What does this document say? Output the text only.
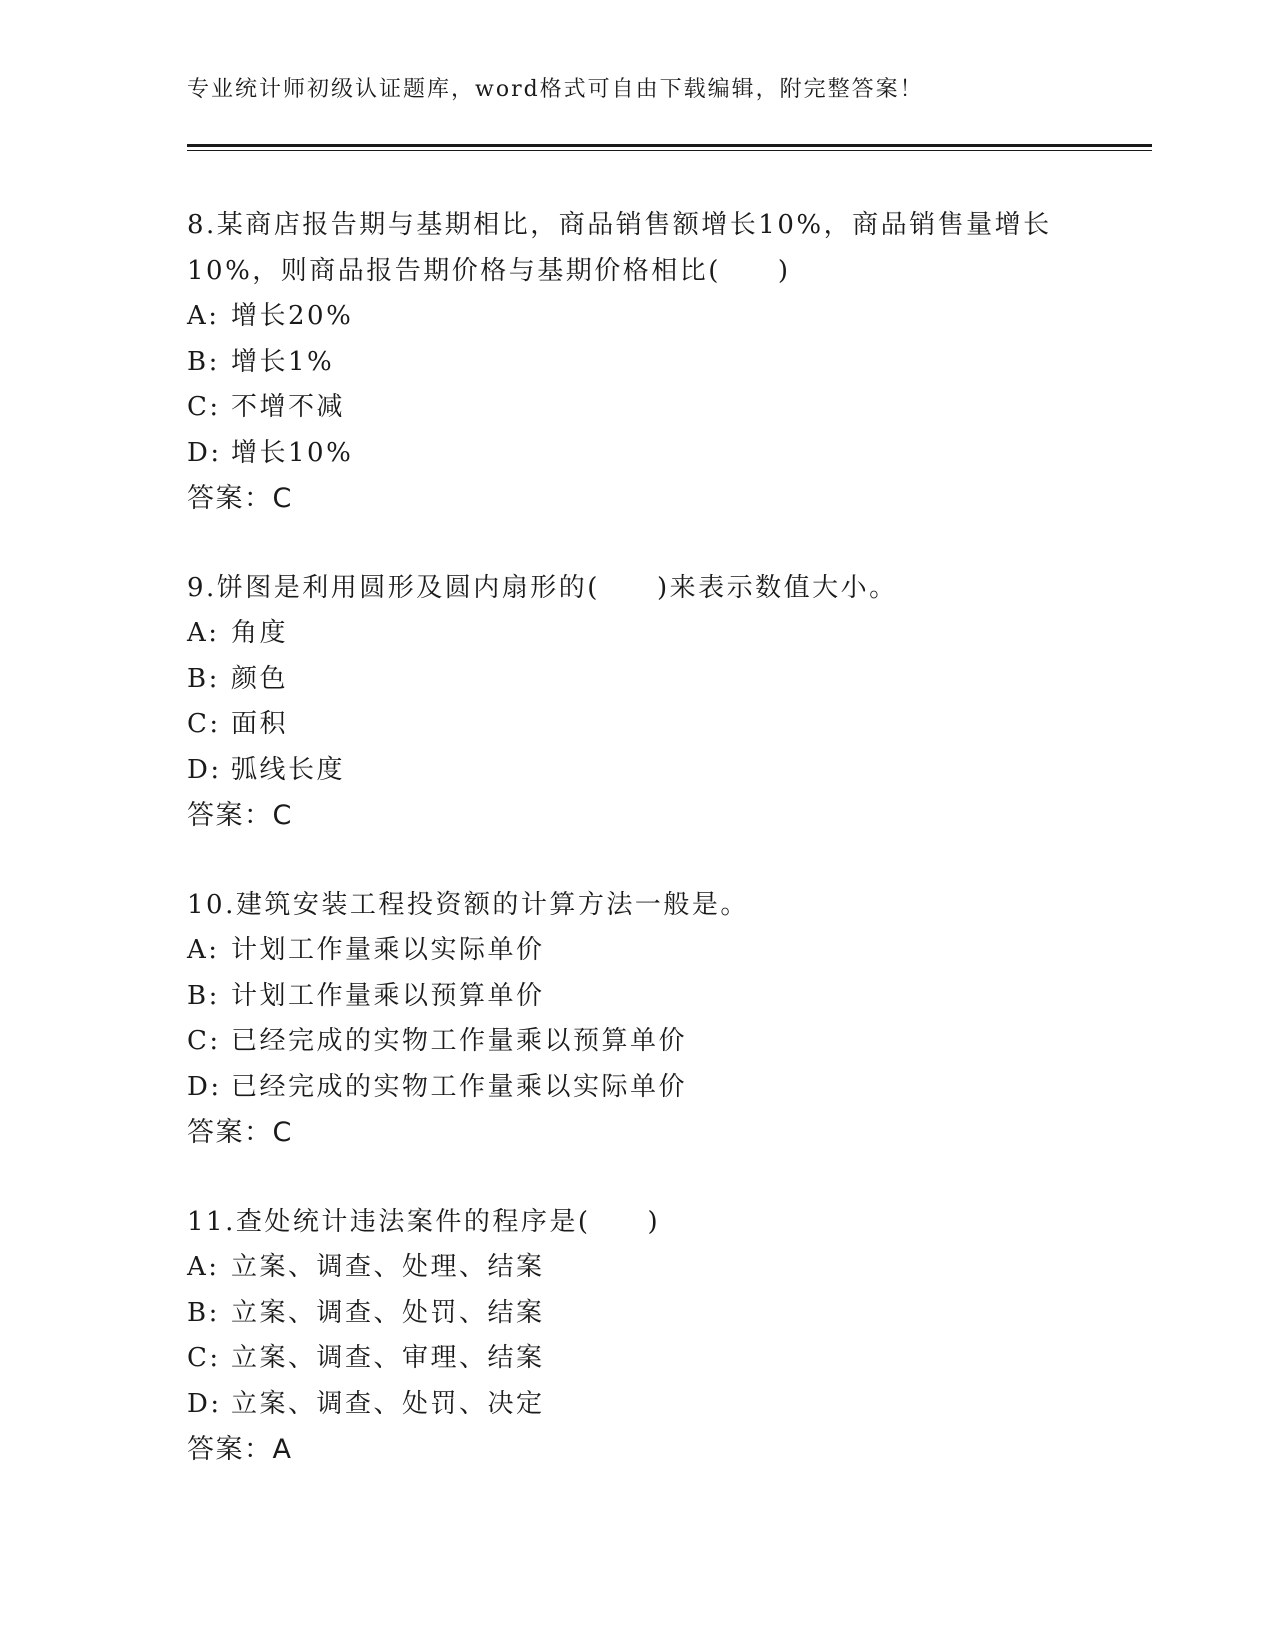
专业统计师初级认证题库，word格式可自由下载编辑，附完整答案！
8.某商店报告期与基期相比，商品销售额增长10%，商品销售量增长
10%，则商品报告期价格与基期价格相比(　　)
A: 增长20%
B: 增长1%
C: 不增不减
D: 增长10%
答案：C
9.饼图是利用圆形及圆内扇形的(　　)来表示数值大小。
A: 角度
B: 颜色
C: 面积
D: 弧线长度
答案：C
10.建筑安装工程投资额的计算方法一般是。
A: 计划工作量乘以实际单价
B: 计划工作量乘以预算单价
C: 已经完成的实物工作量乘以预算单价
D: 已经完成的实物工作量乘以实际单价
答案：C
11.查处统计违法案件的程序是(　　)
A: 立案、调查、处理、结案
B: 立案、调查、处罚、结案
C: 立案、调查、审理、结案
D: 立案、调查、处罚、决定
答案：A
